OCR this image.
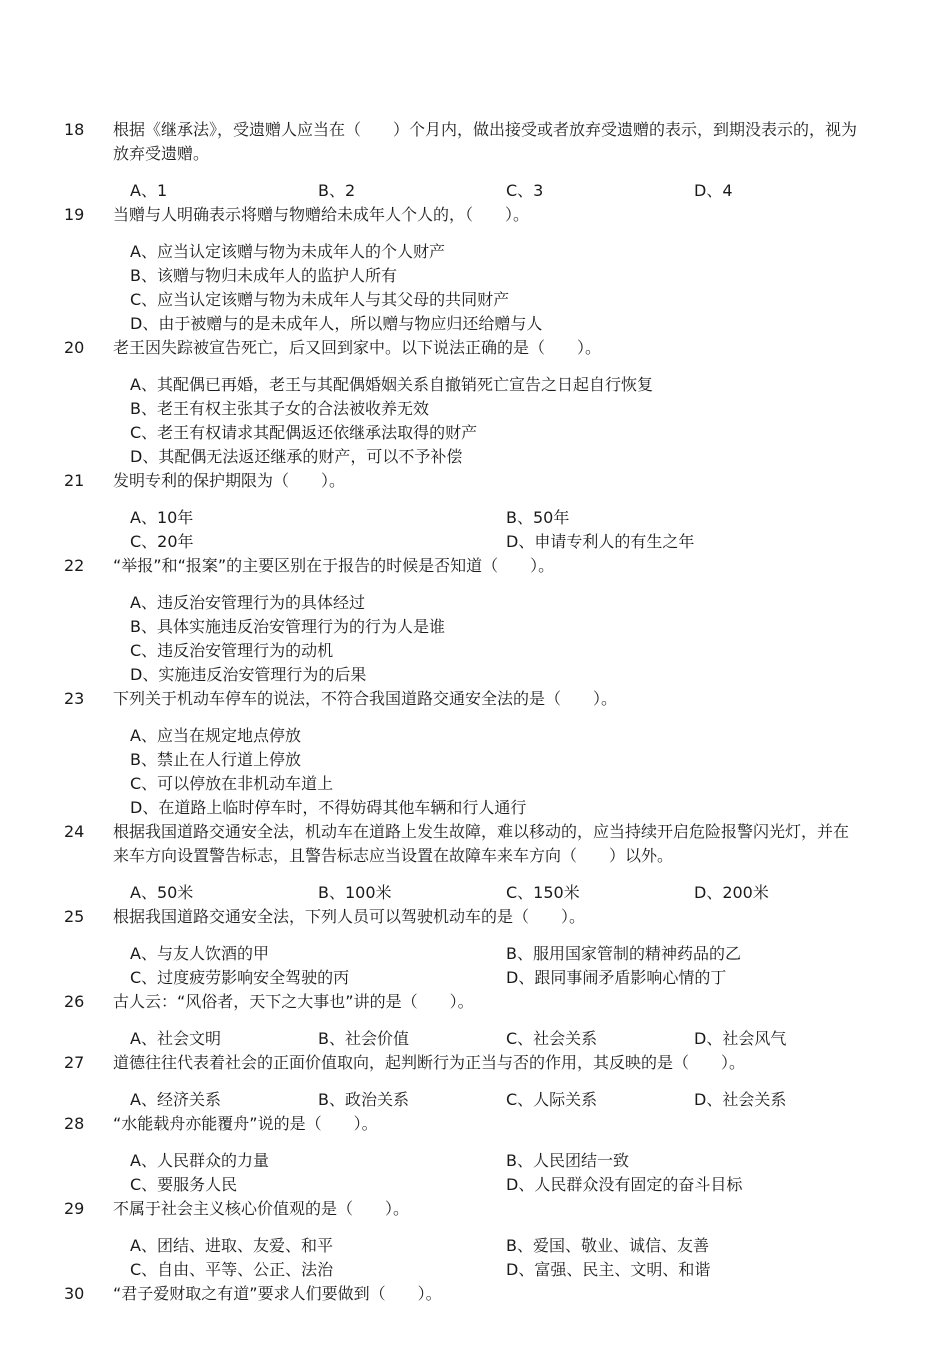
18	根据《继承法》，受遗赠人应当在（　　）个月内，做出接受或者放弃受遗赠的表示，到期没表示的，视为放弃受遗赠。
A、1	B、2	C、3	D、4
19	当赠与人明确表示将赠与物赠给未成年人个人的，（　　）。
A、应当认定该赠与物为未成年人的个人财产
B、该赠与物归未成年人的监护人所有
C、应当认定该赠与物为未成年人与其父母的共同财产
D、由于被赠与的是未成年人，所以赠与物应归还给赠与人
20	老王因失踪被宣告死亡，后又回到家中。以下说法正确的是（　　）。
A、其配偶已再婚，老王与其配偶婚姻关系自撤销死亡宣告之日起自行恢复
B、老王有权主张其子女的合法被收养无效
C、老王有权请求其配偶返还依继承法取得的财产
D、其配偶无法返还继承的财产，可以不予补偿
21	发明专利的保护期限为（　　）。
A、10年	B、50年
C、20年	D、申请专利人的有生之年
22	“举报”和“报案”的主要区别在于报告的时候是否知道（　　）。
A、违反治安管理行为的具体经过
B、具体实施违反治安管理行为的行为人是谁
C、违反治安管理行为的动机
D、实施违反治安管理行为的后果
23	下列关于机动车停车的说法，不符合我国道路交通安全法的是（　　）。
A、应当在规定地点停放
B、禁止在人行道上停放
C、可以停放在非机动车道上
D、在道路上临时停车时，不得妨碍其他车辆和行人通行
24	根据我国道路交通安全法，机动车在道路上发生故障，难以移动的，应当持续开启危险报警闪光灯，并在来车方向设置警告标志，且警告标志应当设置在故障车来车方向（　　）以外。
A、50米	B、100米	C、150米	D、200米
25	根据我国道路交通安全法，下列人员可以驾驶机动车的是（　　）。
A、与友人饮酒的甲	B、服用国家管制的精神药品的乙
C、过度疲劳影响安全驾驶的丙	D、跟同事闹矛盾影响心情的丁
26	古人云：“风俗者，天下之大事也”讲的是（　　）。
A、社会文明	B、社会价值	C、社会关系	D、社会风气
27	道德往往代表着社会的正面价值取向，起判断行为正当与否的作用，其反映的是（　　）。
A、经济关系	B、政治关系	C、人际关系	D、社会关系
28	“水能载舟亦能覆舟”说的是（　　）。
A、人民群众的力量	B、人民团结一致
C、要服务人民	D、人民群众没有固定的奋斗目标
29	不属于社会主义核心价值观的是（　　）。
A、团结、进取、友爱、和平	B、爱国、敬业、诚信、友善
C、自由、平等、公正、法治	D、富强、民主、文明、和谐
30	“君子爱财取之有道”要求人们要做到（　　）。
